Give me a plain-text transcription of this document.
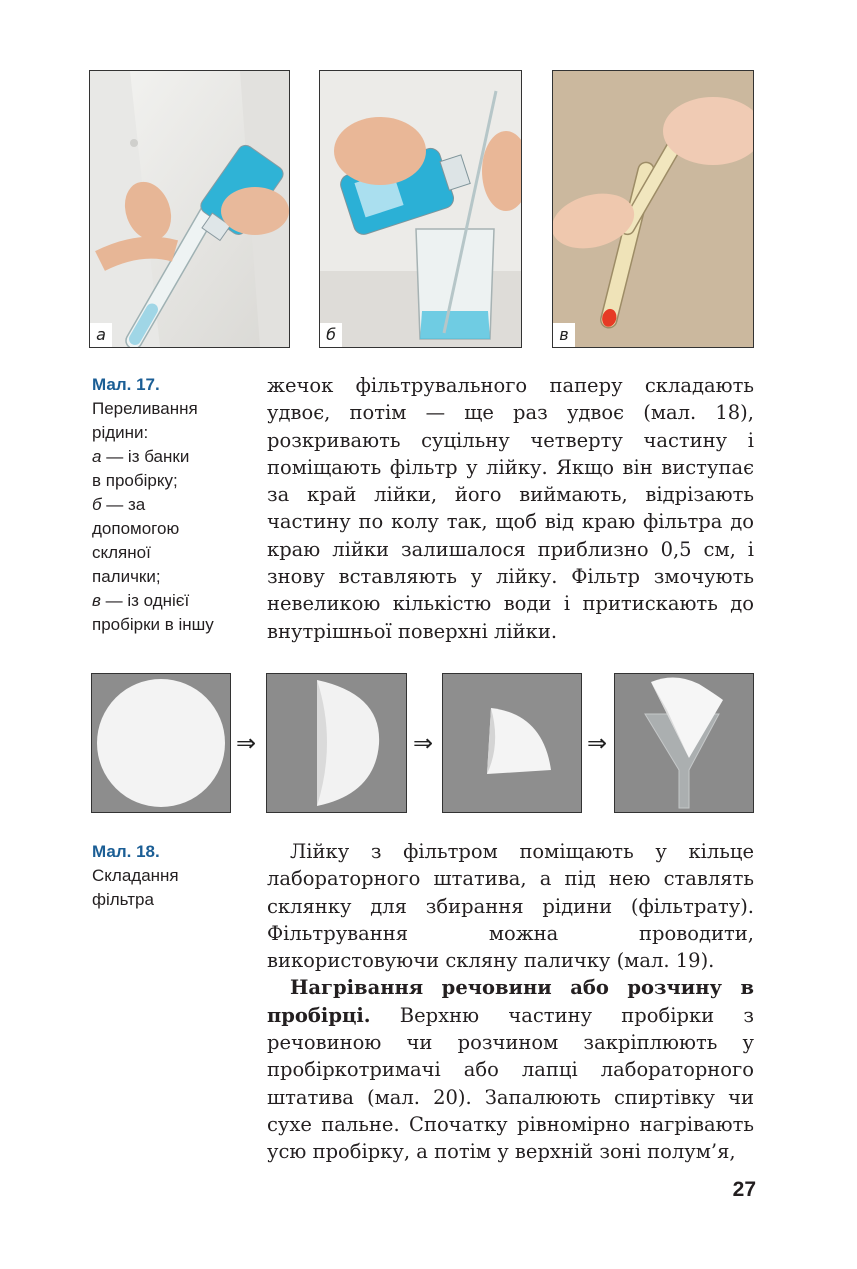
а	б	в
Мал. 17.
Переливання
рідини:
а — із банки
в пробірку;
б — за
допомогою
скляної
палички;
в — із однієї
пробірки в іншу

жечок фільтрувального паперу складають удвоє, потім — ще раз удвоє (мал. 18), розкривають суцільну четверту частину і поміщають фільтр у лійку. Якщо він виступає за край лійки, його виймають, відрізають частину по колу так, щоб від краю фільтра до краю лійки залишалося приблизно 0,5 см, і знову вставляють у лійку. Фільтр змочують невеликою кількістю води і притискають до внутрішньої поверхні лійки.

⇒	⇒	⇒
Мал. 18.
Складання
фільтра

Лійку з фільтром поміщають у кільце лабораторного штатива, а під нею ставлять склянку для збирання рідини (фільтрату). Фільтрування можна проводити, використовуючи скляну паличку (мал. 19).

Нагрівання речовини або розчину в пробірці. Верхню частину пробірки з речовиною чи розчином закріплюють у пробіркотримачі або лапці лабораторного штатива (мал. 20). Запалюють спиртівку чи сухе пальне. Спочатку рівномірно нагрівають усю пробірку, а потім у верхній зоні полум’я,

27
